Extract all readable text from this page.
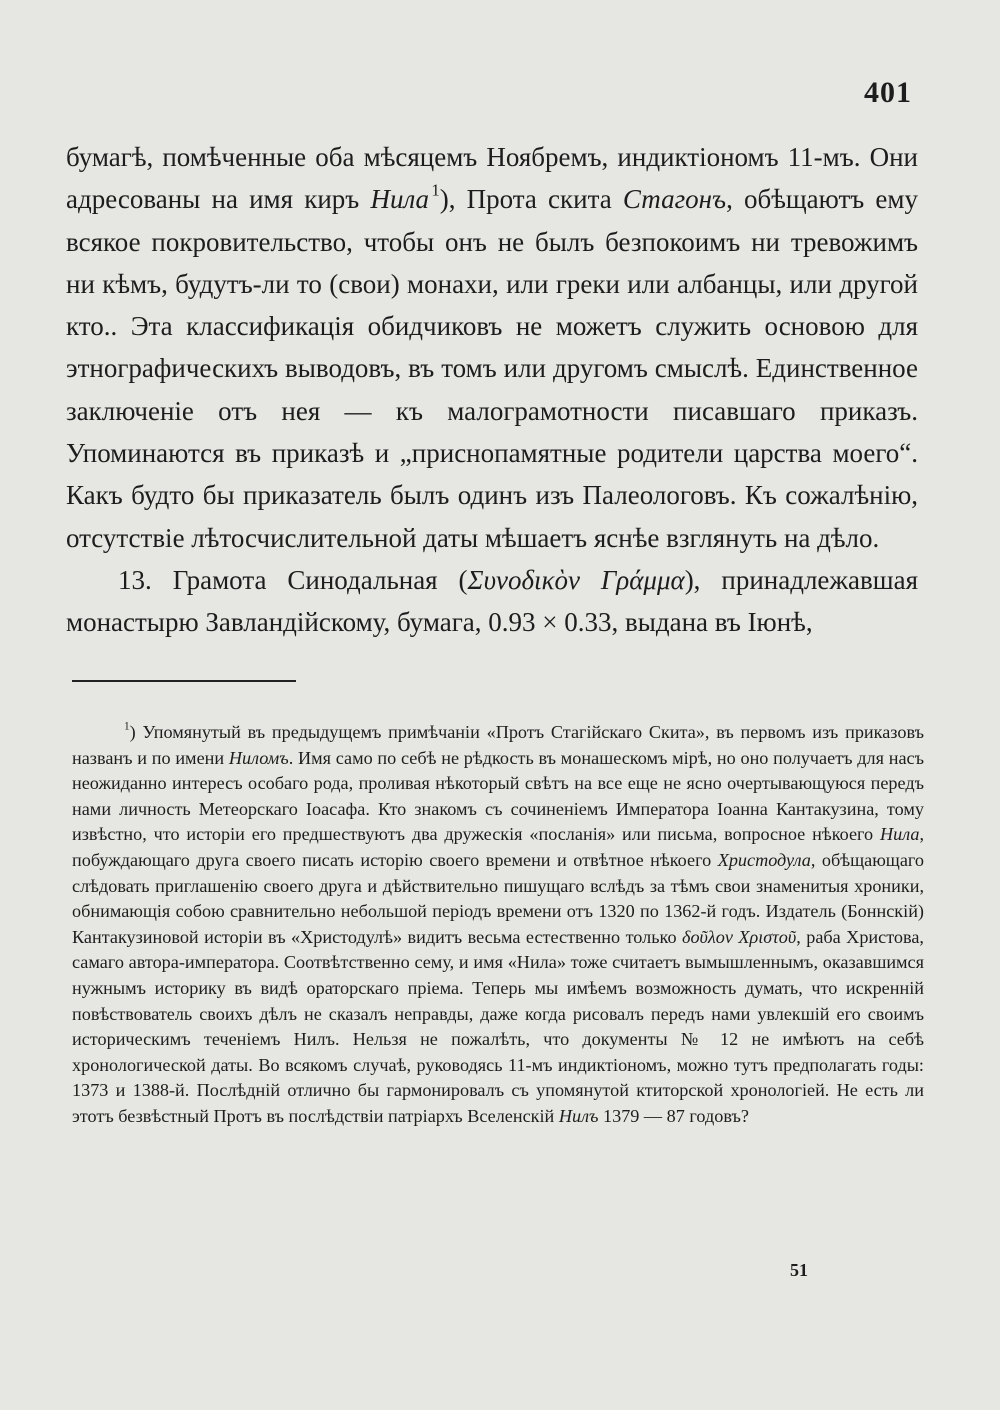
401

бумагѣ, помѣченные оба мѣсяцемъ Ноябремъ, индиктіономъ 11-мъ. Они адресованы на имя киръ Нила  $^1$), Прота скита Стагонъ, обѣщаютъ ему всякое покровительство, чтобы онъ не былъ безпокоимъ ни тревожимъ ни кѣмъ, будутъ-ли то (свои) монахи, или греки или албанцы, или другой кто.. Эта классификація обидчиковъ не можетъ служить основою для этнографическихъ выводовъ, въ томъ или другомъ смыслѣ. Единственное заключеніе отъ нея — къ малограмотности писавшаго приказъ. Упоминаются въ приказѣ и „приснопамятные родители царства моего“. Какъ будто бы приказатель былъ одинъ изъ Палеологовъ. Къ сожалѣнію, отсутствіе лѣтосчислительной даты мѣшаетъ яснѣе взглянуть на дѣло.

13. Грамота Синодальная (Συνοδικὸν Γράμμα), принадлежавшая монастырю Завландійскому, бумага, 0.93 × 0.33, выдана въ Іюнѣ,

$^1$) Упомянутый въ предыдущемъ примѣчаніи «Протъ Стагійскаго Скита», въ первомъ изъ приказовъ названъ и по имени Ниломъ. Имя само по себѣ не рѣдкость въ монашескомъ мірѣ, но оно получаетъ для насъ неожиданно интересъ особаго рода, проливая нѣкоторый свѣтъ на все еще не ясно очертывающуюся передъ нами личность Метеорскаго Іоасафа. Кто знакомъ съ сочиненіемъ Императора Іоанна Кантакузина, тому извѣстно, что исторіи его предшествуютъ два дружескія «посланія» или письма, вопросное нѣкоего Нила, побуждающаго друга своего писать исторію своего времени и отвѣтное нѣкоего Христодула, обѣщающаго слѣдовать приглашенію своего друга и дѣйствительно пишущаго вслѣдъ за тѣмъ свои знаменитыя хроники, обнимающія собою сравнительно небольшой періодъ времени отъ 1320 по 1362-й годъ. Издатель (Боннскій) Кантакузиновой исторіи въ «Христодулѣ» видитъ весьма естественно только δοῦλον Χριστοῦ, раба Христова, самаго автора-императора. Соотвѣтственно сему, и имя «Нила» тоже считаетъ вымышленнымъ, оказавшимся нужнымъ историку въ видѣ ораторскаго пріема. Теперь мы имѣемъ возможность думать, что искренній повѣствователь своихъ дѣлъ не сказалъ неправды, даже когда рисовалъ передъ нами увлекшій его своимъ историческимъ теченіемъ Нилъ. Нельзя не пожалѣть, что документы № 12 не имѣютъ на себѣ хронологической даты. Во всякомъ случаѣ, руководясь 11-мъ индиктіономъ, можно тутъ предполагать годы: 1373 и 1388-й. Послѣдній отлично бы гармонировалъ съ упомянутой ктиторской хронологіей. Не есть ли этотъ безвѣстный Протъ въ послѣдствіи патріархъ Вселенскій Нилъ 1379 — 87 годовъ?

51
